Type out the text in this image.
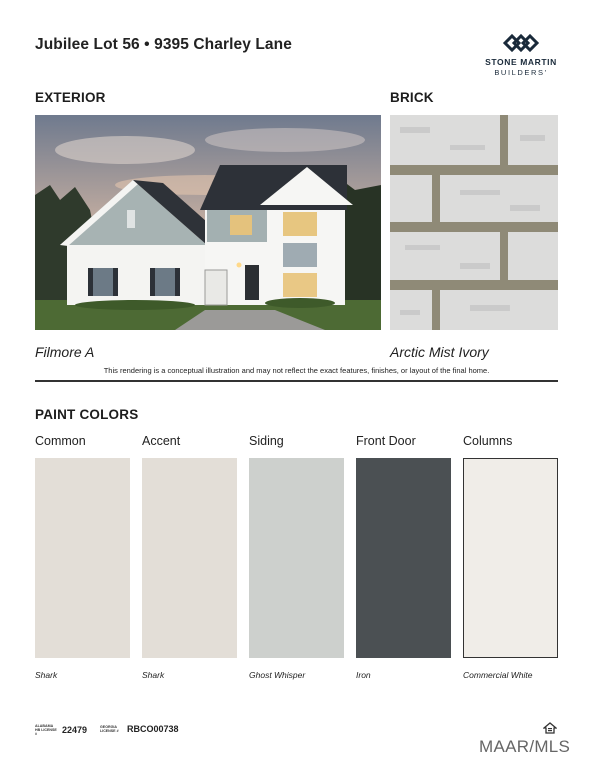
Jubilee Lot 56 • 9395 Charley Lane
STONE MARTIN
BUILDERS'
EXTERIOR	BRICK
Filmore A	Arctic Mist Ivory
This rendering is a conceptual illustration and may not reflect the exact features, finishes, or layout of the final home.
PAINT COLORS
Common	Accent	Siding	Front Door	Columns
Shark	Shark	Ghost Whisper	Iron	Commercial White
ALABAMA HB LICENSE #	22479	GEORGIA LICENSE # RBCO00738
MAAR/MLS
